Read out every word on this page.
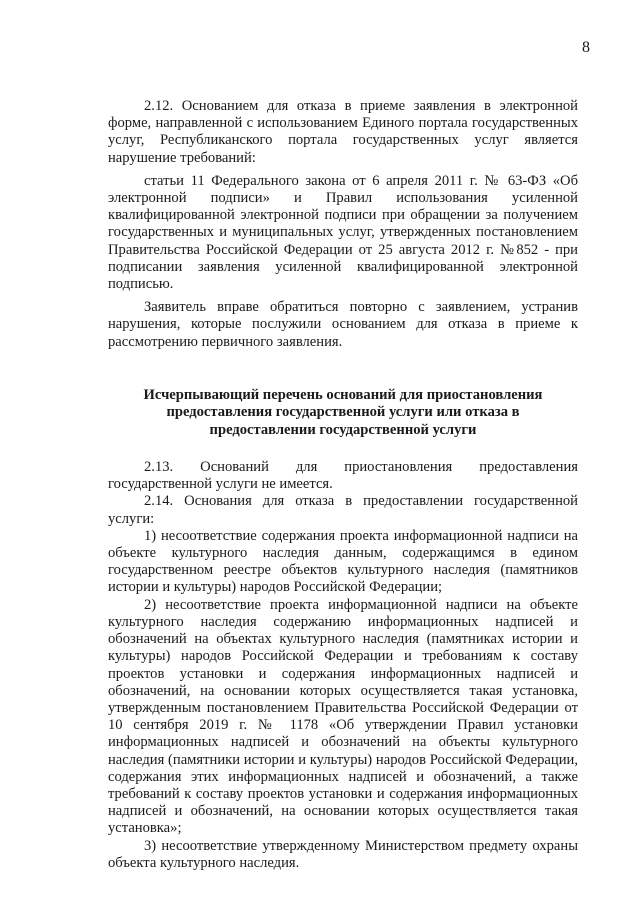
8

2.12. Основанием для отказа в приеме заявления в электронной форме, направленной с использованием Единого портала государственных услуг, Республиканского портала государственных услуг является нарушение требований:

статьи 11 Федерального закона от 6 апреля 2011 г. № 63-ФЗ «Об электронной подписи» и Правил использования усиленной квалифицированной электронной подписи при обращении за получением государственных и муниципальных услуг, утвержденных постановлением Правительства Российской Федерации от 25 августа 2012 г. №852 - при подписании заявления усиленной квалифицированной электронной подписью.

Заявитель вправе обратиться повторно с заявлением, устранив нарушения, которые послужили основанием для отказа в приеме к рассмотрению первичного заявления.

Исчерпывающий перечень оснований для приостановления
предоставления государственной услуги или отказа в
предоставлении государственной услуги

2.13. Оснований для приостановления предоставления государственной услуги не имеется.

2.14. Основания для отказа в предоставлении государственной услуги:

1) несоответствие содержания проекта информационной надписи на объекте культурного наследия данным, содержащимся в едином государственном реестре объектов культурного наследия (памятников истории и культуры) народов Российской Федерации;

2) несоответствие проекта информационной надписи на объекте культурного наследия содержанию информационных надписей и обозначений на объектах культурного наследия (памятниках истории и культуры) народов Российской Федерации и требованиям к составу проектов установки и содержания информационных надписей и обозначений, на основании которых осуществляется такая установка, утвержденным постановлением Правительства Российской Федерации от 10 сентября 2019 г. № 1178 «Об утверждении Правил установки информационных надписей и обозначений на объекты культурного наследия (памятники истории и культуры) народов Российской Федерации, содержания этих информационных надписей и обозначений, а также требований к составу проектов установки и содержания информационных надписей и обозначений, на основании которых осуществляется такая установка»;

3) несоответствие утвержденному Министерством предмету охраны объекта культурного наследия.
